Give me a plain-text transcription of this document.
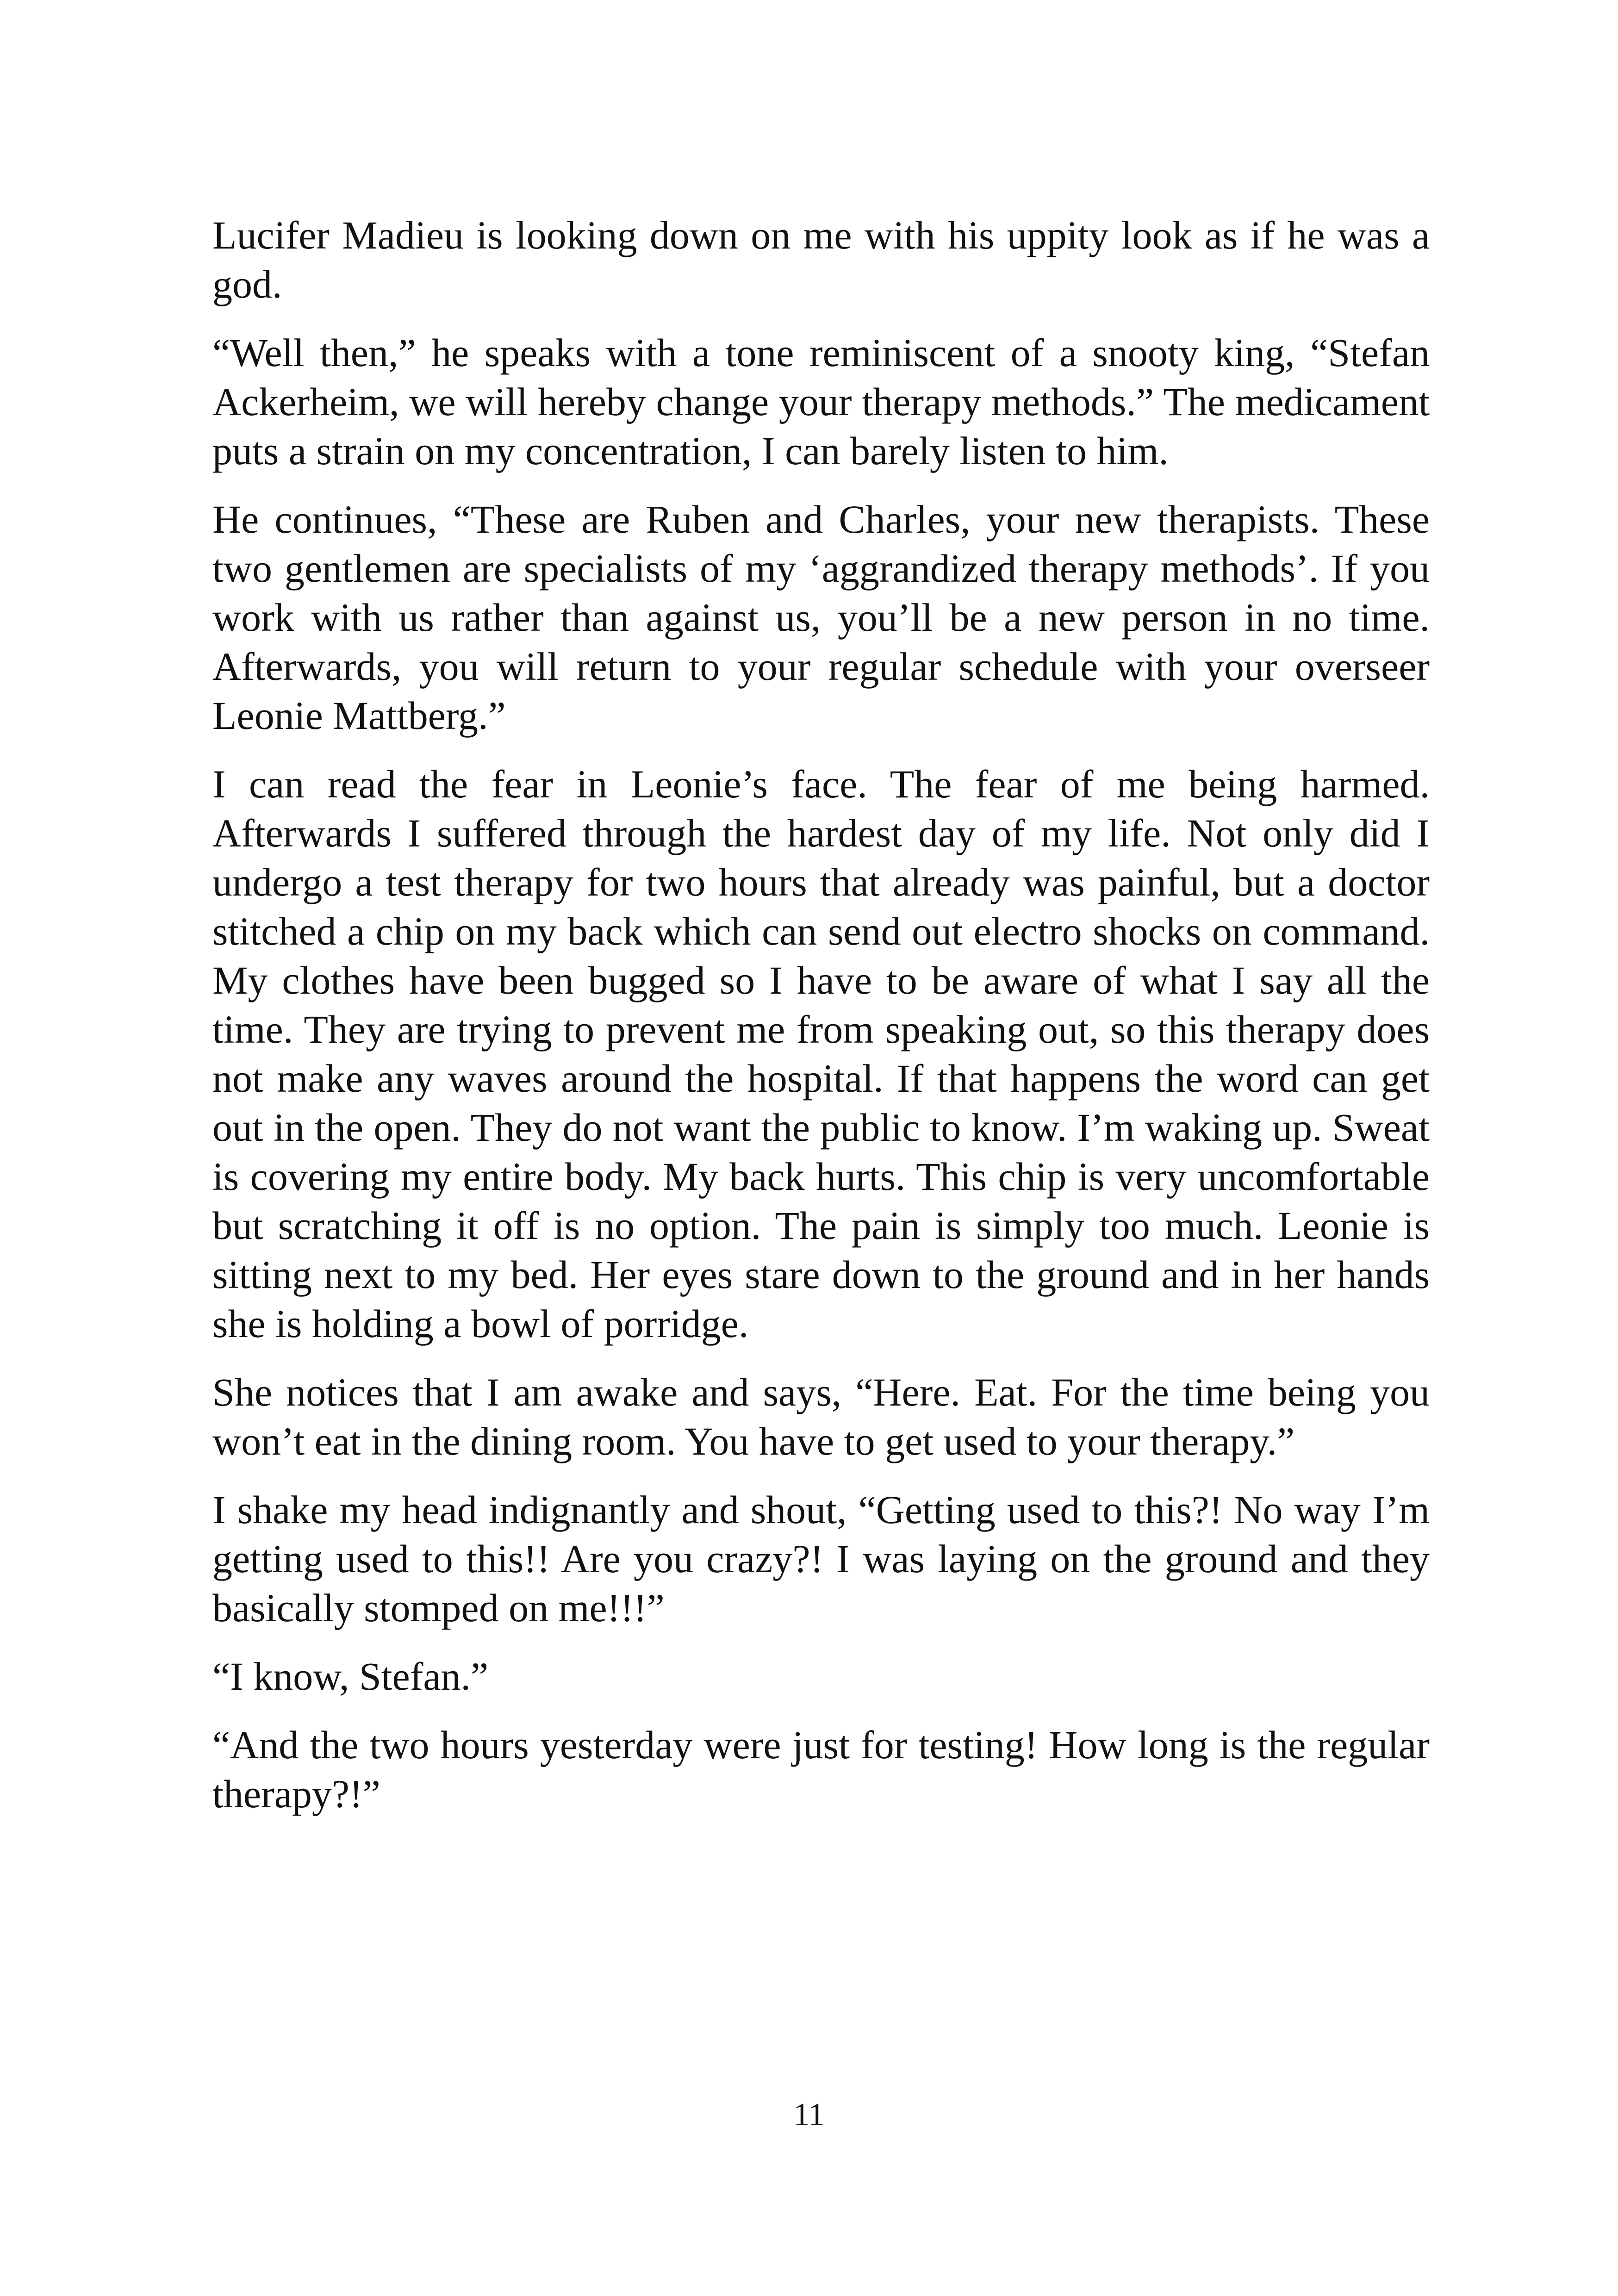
Lucifer Madieu is looking down on me with his uppity look as if he was a god.

“Well then,” he speaks with a tone reminiscent of a snooty king, “Stefan Ackerheim, we will hereby change your therapy methods.” The medicament puts a strain on my concentration, I can barely listen to him.

He continues, “These are Ruben and Charles, your new therapists. These two gentlemen are specialists of my ‘aggrandized therapy methods’. If you work with us rather than against us, you’ll be a new person in no time. Afterwards, you will return to your regular schedule with your overseer Leonie Mattberg.”

I can read the fear in Leonie’s face. The fear of me being harmed. Afterwards I suffered through the hardest day of my life. Not only did I undergo a test therapy for two hours that already was painful, but a doctor stitched a chip on my back which can send out electro shocks on command. My clothes have been bugged so I have to be aware of what I say all the time. They are trying to prevent me from speaking out, so this therapy does not make any waves around the hospital. If that happens the word can get out in the open. They do not want the public to know. I’m waking up. Sweat is covering my entire body. My back hurts. This chip is very uncomfortable but scratching it off is no option. The pain is simply too much. Leonie is sitting next to my bed. Her eyes stare down to the ground and in her hands she is holding a bowl of porridge.

She notices that I am awake and says, “Here. Eat. For the time being you won’t eat in the dining room. You have to get used to your therapy.”

I shake my head indignantly and shout, “Getting used to this?! No way I’m getting used to this!! Are you crazy?! I was laying on the ground and they basically stomped on me!!!”

“I know, Stefan.”

“And the two hours yesterday were just for testing! How long is the regular therapy?!”

11
